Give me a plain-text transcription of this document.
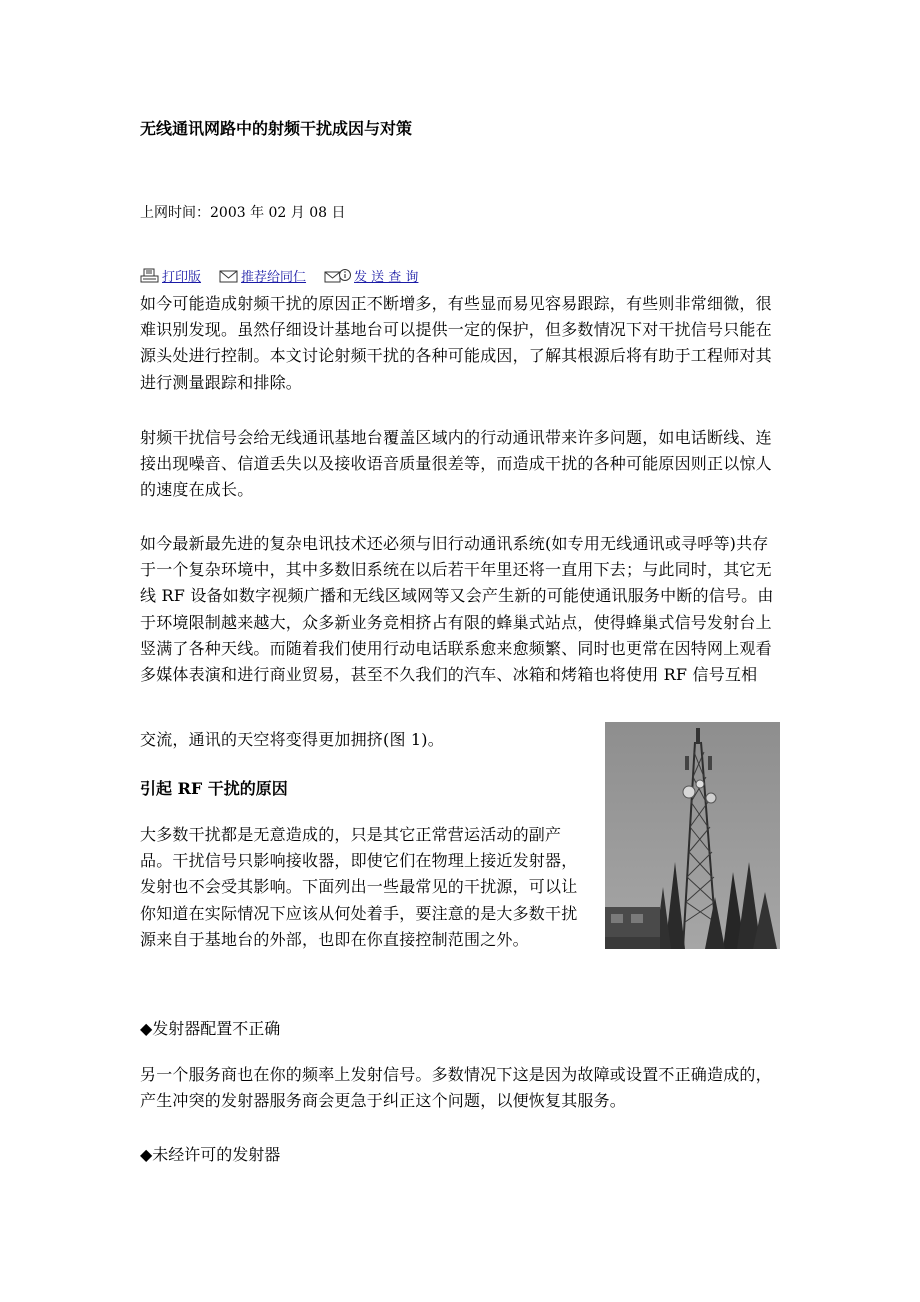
无线通讯网路中的射频干扰成因与对策
上网时间：2003 年 02 月 08 日
打印版	推荐给同仁	发 送 查 询
如今可能造成射频干扰的原因正不断增多，有些显而易见容易跟踪，有些则非常细微，很难识别发现。虽然仔细设计基地台可以提供一定的保护，但多数情况下对干扰信号只能在源头处进行控制。本文讨论射频干扰的各种可能成因，了解其根源后将有助于工程师对其进行测量跟踪和排除。
射频干扰信号会给无线通讯基地台覆盖区域内的行动通讯带来许多问题，如电话断线、连接出现噪音、信道丢失以及接收语音质量很差等，而造成干扰的各种可能原因则正以惊人的速度在成长。
如今最新最先进的复杂电讯技术还必须与旧行动通讯系统(如专用无线通讯或寻呼等)共存于一个复杂环境中，其中多数旧系统在以后若干年里还将一直用下去；与此同时，其它无线 RF 设备如数字视频广播和无线区域网等又会产生新的可能使通讯服务中断的信号。由于环境限制越来越大，众多新业务竞相挤占有限的蜂巢式站点，使得蜂巢式信号发射台上竖满了各种天线。而随着我们使用行动电话联系愈来愈频繁、同时也更常在因特网上观看多媒体表演和进行商业贸易，甚至不久我们的汽车、冰箱和烤箱也将使用 RF 信号互相
交流，通讯的天空将变得更加拥挤(图 1)。
引起 RF 干扰的原因
大多数干扰都是无意造成的，只是其它正常营运活动的副产品。干扰信号只影响接收器，即使它们在物理上接近发射器，发射也不会受其影响。下面列出一些最常见的干扰源，可以让你知道在实际情况下应该从何处着手，要注意的是大多数干扰源来自于基地台的外部，也即在你直接控制范围之外。
◆发射器配置不正确
另一个服务商也在你的频率上发射信号。多数情况下这是因为故障或设置不正确造成的，产生冲突的发射器服务商会更急于纠正这个问题，以便恢复其服务。
◆未经许可的发射器
